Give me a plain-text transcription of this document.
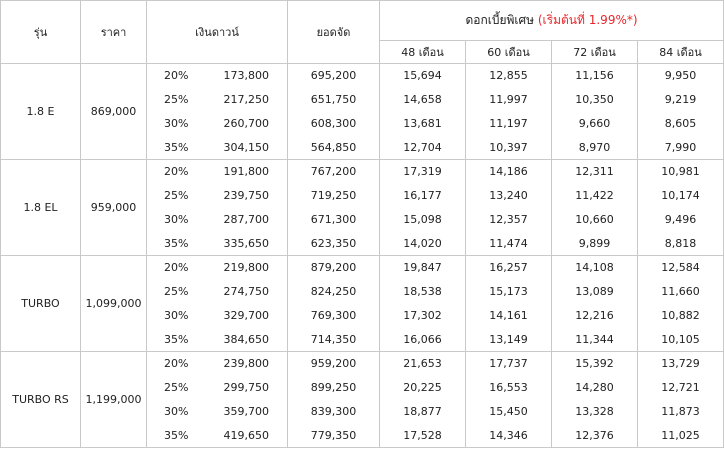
รุ่น	ราคา	เงินดาวน์		ยอดจัด	ดอกเบี้ยพิเศษ (เริ่มต้นที่ 1.99%*)			
					48 เดือน	60 เดือน	72 เดือน	84 เดือน
1.8 E	869,000	20%	173,800	695,200	15,694	12,855	11,156	9,950
		25%	217,250	651,750	14,658	11,997	10,350	9,219
		30%	260,700	608,300	13,681	11,197	9,660	8,605
		35%	304,150	564,850	12,704	10,397	8,970	7,990
1.8 EL	959,000	20%	191,800	767,200	17,319	14,186	12,311	10,981
		25%	239,750	719,250	16,177	13,240	11,422	10,174
		30%	287,700	671,300	15,098	12,357	10,660	9,496
		35%	335,650	623,350	14,020	11,474	9,899	8,818
TURBO	1,099,000	20%	219,800	879,200	19,847	16,257	14,108	12,584
		25%	274,750	824,250	18,538	15,173	13,089	11,660
		30%	329,700	769,300	17,302	14,161	12,216	10,882
		35%	384,650	714,350	16,066	13,149	11,344	10,105
TURBO RS	1,199,000	20%	239,800	959,200	21,653	17,737	15,392	13,729
		25%	299,750	899,250	20,225	16,553	14,280	12,721
		30%	359,700	839,300	18,877	15,450	13,328	11,873
		35%	419,650	779,350	17,528	14,346	12,376	11,025
